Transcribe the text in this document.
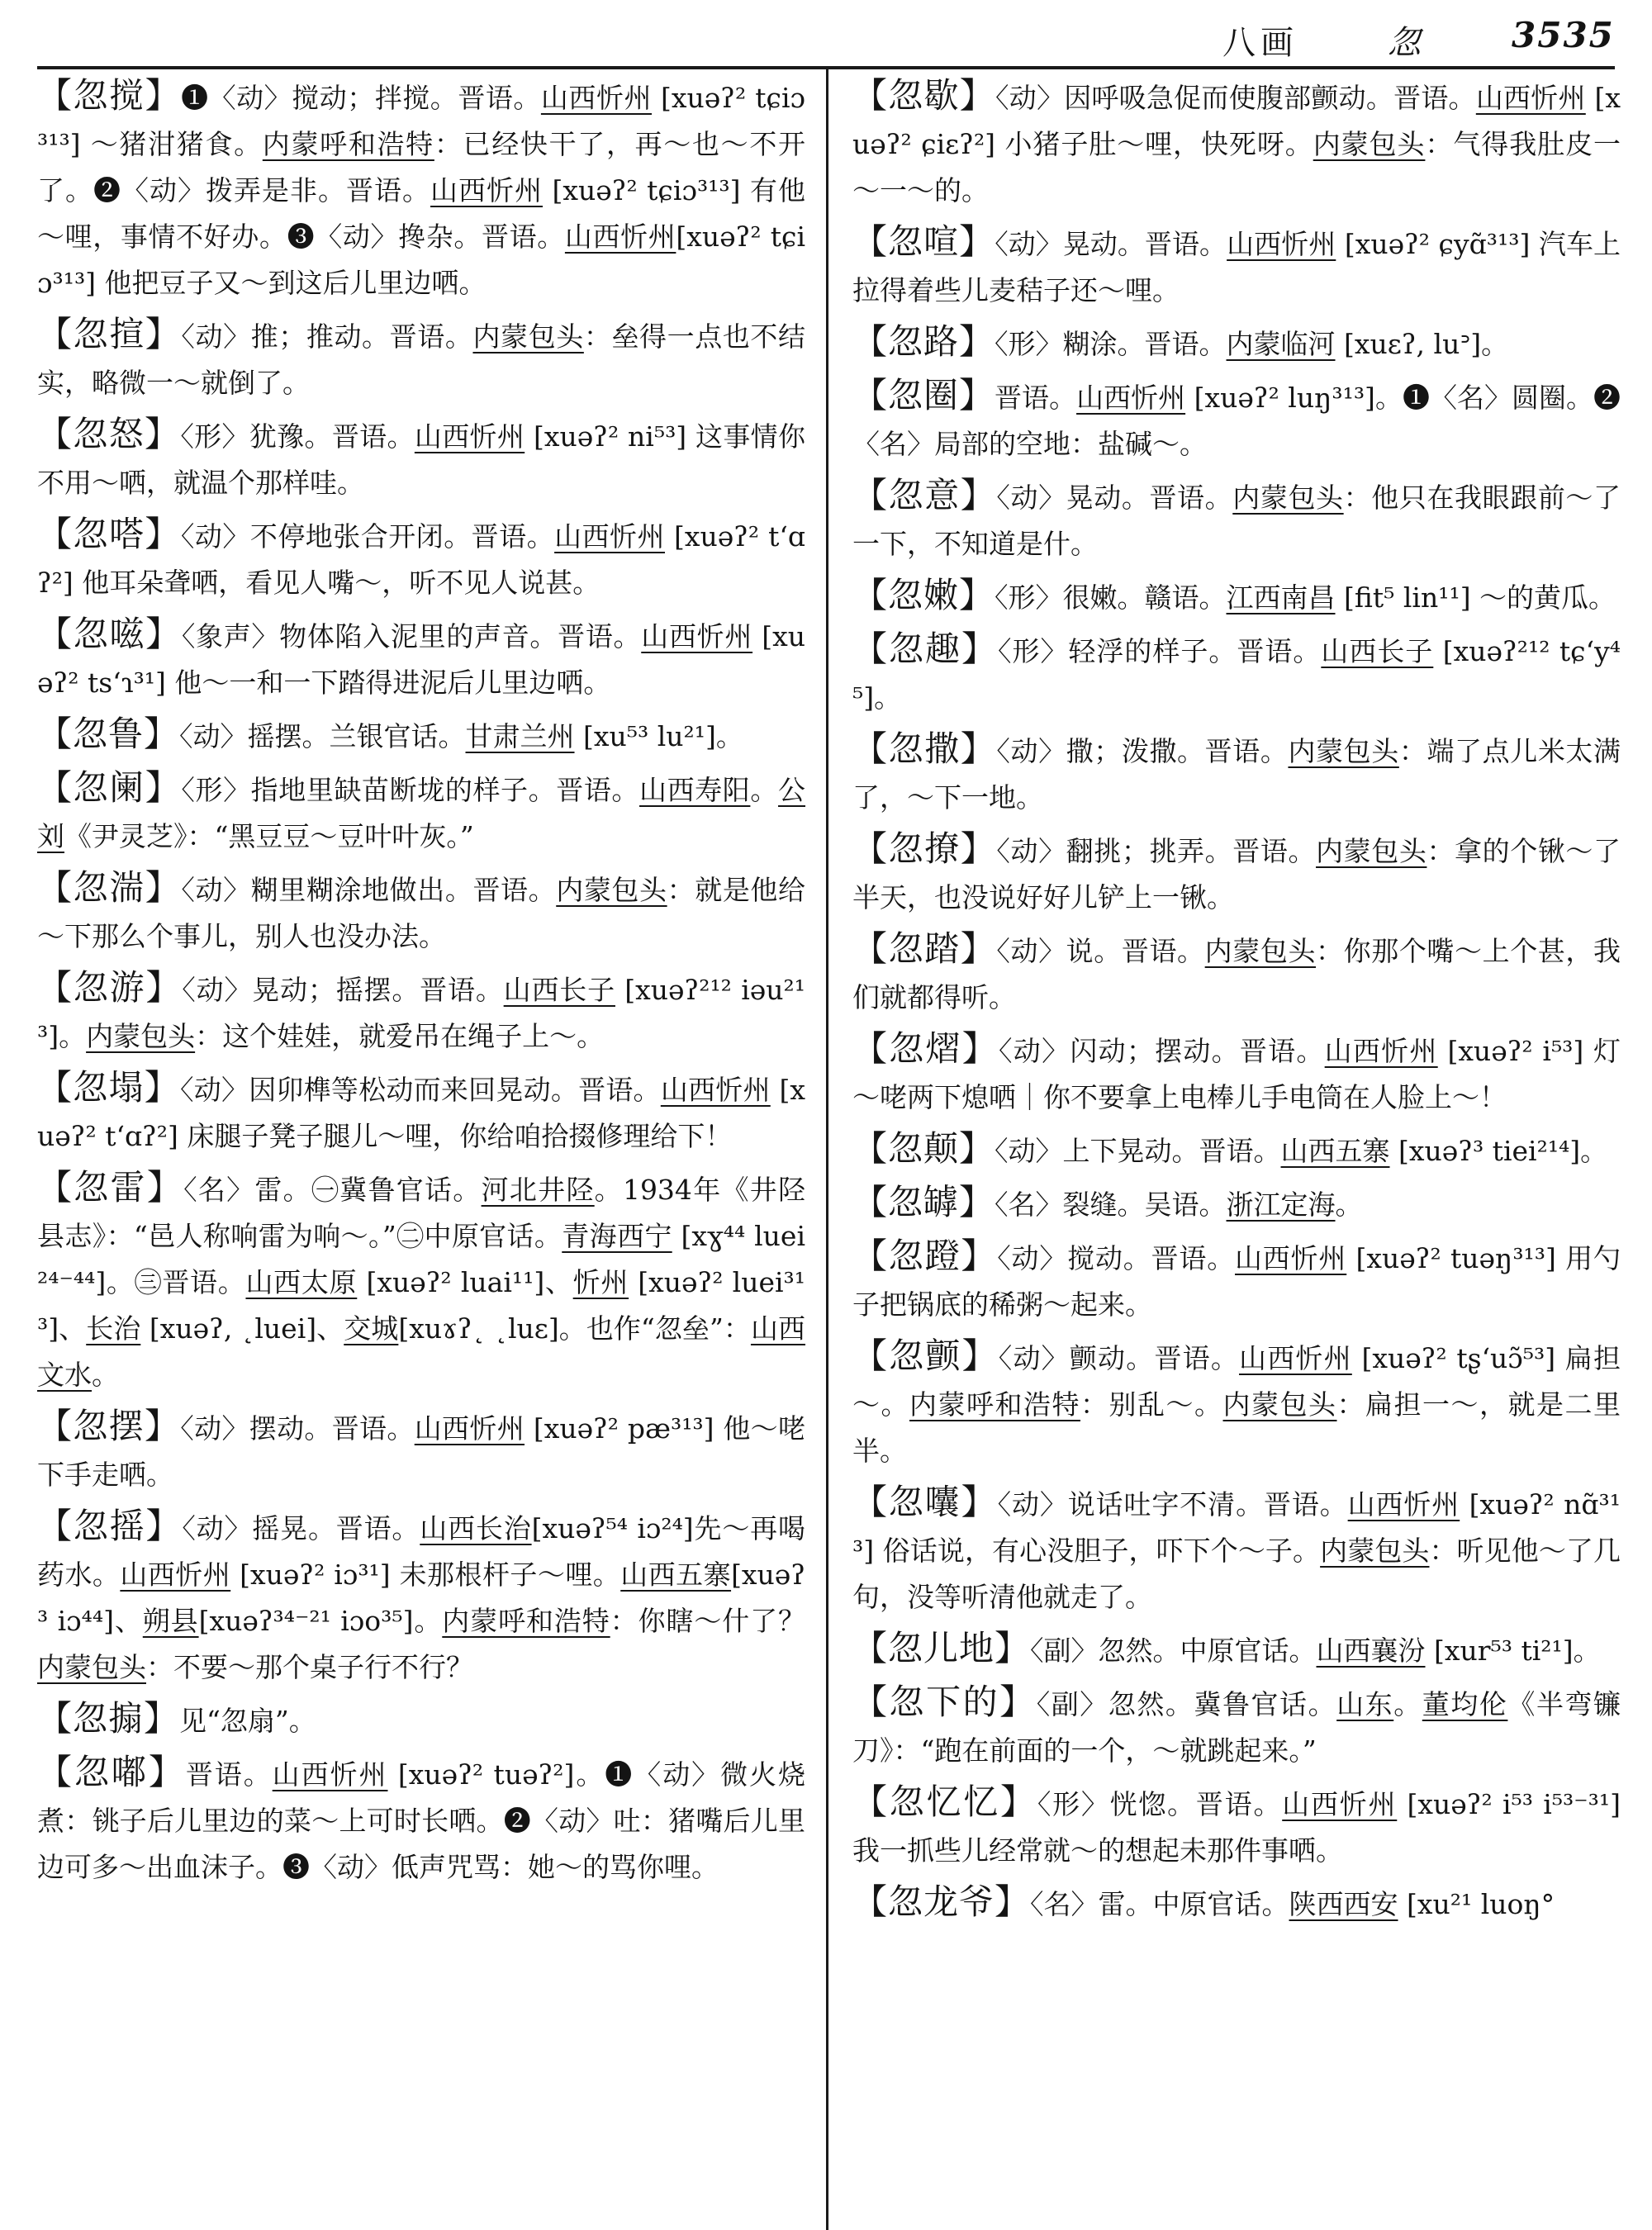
八画	忽	3535
【忽搅】❶〈动〉搅动；拌搅。晋语。山西忻州 [xuəʔ² tɕiɔ³¹³] ～猪泔猪食。内蒙呼和浩特：已经快干了，再～也～不开了。❷〈动〉拨弄是非。晋语。山西忻州 [xuəʔ² tɕiɔ³¹³] 有他～哩，事情不好办。❸〈动〉搀杂。晋语。山西忻州[xuəʔ² tɕiɔ³¹³] 他把豆子又～到这后儿里边哂。
【忽揎】〈动〉推；推动。晋语。内蒙包头：垒得一点也不结实，略微一～就倒了。
【忽怒】〈形〉犹豫。晋语。山西忻州 [xuəʔ² ni⁵³] 这事情你不用～哂，就温个那样哇。
【忽嗒】〈动〉不停地张合开闭。晋语。山西忻州 [xuəʔ² tʻɑʔ²] 他耳朵聋哂，看见人嘴～，听不见人说甚。
【忽嗞】〈象声〉物体陷入泥里的声音。晋语。山西忻州 [xuəʔ² tsʻɿ³¹] 他～一和一下踏得进泥后儿里边哂。
【忽鲁】〈动〉摇摆。兰银官话。甘肃兰州 [xu⁵³ lu²¹]。
【忽阑】〈形〉指地里缺苗断垅的样子。晋语。山西寿阳。公刘《尹灵芝》：“黑豆豆～豆叶叶灰。”
【忽湍】〈动〉糊里糊涂地做出。晋语。内蒙包头：就是他给～下那么个事儿，别人也没办法。
【忽游】〈动〉晃动；摇摆。晋语。山西长子 [xuəʔ²¹² iəu²¹³]。内蒙包头：这个娃娃，就爱吊在绳子上～。
【忽塌】〈动〉因卯榫等松动而来回晃动。晋语。山西忻州 [xuəʔ² tʻɑʔ²] 床腿子凳子腿儿～哩，你给咱拾掇修理给下！
【忽雷】〈名〉雷。㊀冀鲁官话。河北井陉。1934年《井陉县志》：“邑人称响雷为响～。”㊁中原官话。青海西宁 [xɣ⁴⁴ luei²⁴⁻⁴⁴]。㊂晋语。山西太原 [xuəʔ² luai¹¹]、忻州 [xuəʔ² luei³¹³]、长治 [xuəʔ, ˛luei]、交城[xuɤʔ˛ ˛luɛ]。也作“忽垒”：山西文水。
【忽摆】〈动〉摆动。晋语。山西忻州 [xuəʔ² pæ³¹³] 他～咾下手走哂。
【忽摇】〈动〉摇晃。晋语。山西长治[xuəʔ⁵⁴ iɔ²⁴]先～再喝药水。山西忻州 [xuəʔ² iɔ³¹] 未那根杆子～哩。山西五寨[xuəʔ³ iɔ⁴⁴]、朔县[xuəʔ³⁴⁻²¹ iɔo³⁵]。内蒙呼和浩特：你瞎～什了？内蒙包头：不要～那个桌子行不行？
【忽搧】见“忽扇”。
【忽嘟】晋语。山西忻州 [xuəʔ² tuəʔ²]。❶〈动〉微火烧煮：铫子后儿里边的菜～上可时长哂。❷〈动〉吐：猪嘴后儿里边可多～出血沫子。❸〈动〉低声咒骂：她～的骂你哩。
【忽歇】〈动〉因呼吸急促而使腹部颤动。晋语。山西忻州 [xuəʔ² ɕiɛʔ²] 小猪子肚～哩，快死呀。内蒙包头：气得我肚皮一～一～的。
【忽喧】〈动〉晃动。晋语。山西忻州 [xuəʔ² ɕyɑ̃³¹³] 汽车上拉得着些儿麦秸子还～哩。
【忽路】〈形〉糊涂。晋语。内蒙临河 [xuɛʔ, luᐣ]。
【忽圈】晋语。山西忻州 [xuəʔ² luŋ³¹³]。❶〈名〉圆圈。❷〈名〉局部的空地：盐碱～。
【忽意】〈动〉晃动。晋语。内蒙包头：他只在我眼跟前～了一下，不知道是什。
【忽嫩】〈形〉很嫩。赣语。江西南昌 [fit⁵ lin¹¹] ～的黄瓜。
【忽趣】〈形〉轻浮的样子。晋语。山西长子 [xuəʔ²¹² tɕʻy⁴⁵]。
【忽撒】〈动〉撒；泼撒。晋语。内蒙包头：端了点儿米太满了，～下一地。
【忽撩】〈动〉翻挑；挑弄。晋语。内蒙包头：拿的个锹～了半天，也没说好好儿铲上一锹。
【忽踏】〈动〉说。晋语。内蒙包头：你那个嘴～上个甚，我们就都得听。
【忽熠】〈动〉闪动；摆动。晋语。山西忻州 [xuəʔ² i⁵³] 灯～咾两下熄哂｜你不要拿上电棒儿手电筒在人脸上～！
【忽颠】〈动〉上下晃动。晋语。山西五寨 [xuəʔ³ tiei²¹⁴]。
【忽罅】〈名〉裂缝。吴语。浙江定海。
【忽蹬】〈动〉搅动。晋语。山西忻州 [xuəʔ² tuəŋ³¹³] 用勺子把锅底的稀粥～起来。
【忽颤】〈动〉颤动。晋语。山西忻州 [xuəʔ² tʂʻuɔ̃⁵³] 扁担～。内蒙呼和浩特：别乱～。内蒙包头：扁担一～，就是二里半。
【忽囔】〈动〉说话吐字不清。晋语。山西忻州 [xuəʔ² nɑ̃³¹³] 俗话说，有心没胆子，吓下个～子。内蒙包头：听见他～了几句，没等听清他就走了。
【忽儿地】〈副〉忽然。中原官话。山西襄汾 [xur⁵³ ti²¹]。
【忽下的】〈副〉忽然。冀鲁官话。山东。董均伦《半弯镰刀》：“跑在前面的一个，～就跳起来。”
【忽忆忆】〈形〉恍惚。晋语。山西忻州 [xuəʔ² i⁵³ i⁵³⁻³¹] 我一抓些儿经常就～的想起未那件事哂。
【忽龙爷】〈名〉雷。中原官话。陕西西安 [xu²¹ luoŋ°
